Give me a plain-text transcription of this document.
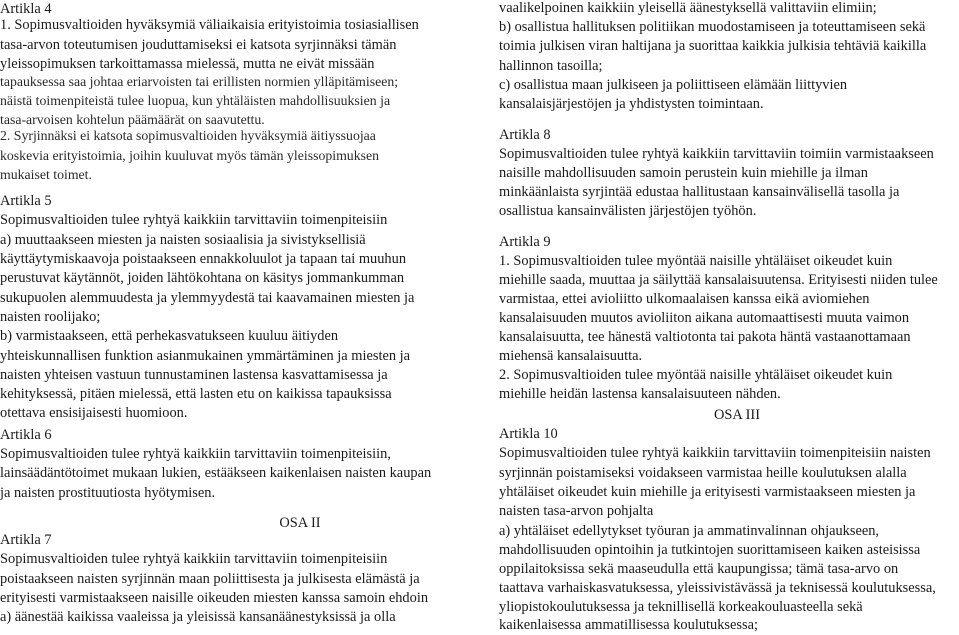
Artikla 4
1. Sopimusvaltioiden hyväksymiä väliaikaisia erityistoimia tosiasiallisen
tasa-arvon toteutumisen jouduttamiseksi ei katsota syrjinnäksi tämän
yleissopimuksen tarkoittamassa mielessä, mutta ne eivät missään
tapauksessa saa johtaa eriarvoisten tai erillisten normien ylläpitämiseen;
näistä toimenpiteistä tulee luopua, kun yhtäläisten mahdollisuuksien ja
tasa-arvoisen kohtelun päämäärät on saavutettu.
2. Syrjinnäksi ei katsota sopimusvaltioiden hyväksymiä äitiyssuojaa
koskevia erityistoimia, joihin kuuluvat myös tämän yleissopimuksen
mukaiset toimet.
Artikla 5
Sopimusvaltioiden tulee ryhtyä kaikkiin tarvittaviin toimenpiteisiin
a) muuttaakseen miesten ja naisten sosiaalisia ja sivistyksellisiä
käyttäytymiskaavoja poistaakseen ennakkoluulot ja tapaan tai muuhun
perustuvat käytännöt, joiden lähtökohtana on käsitys jommankumman
sukupuolen alemmuudesta ja ylemmyydestä tai kaavamainen miesten ja
naisten roolijako;
b) varmistaakseen, että perhekasvatukseen kuuluu äitiyden
yhteiskunnallisen funktion asianmukainen ymmärtäminen ja miesten ja
naisten yhteisen vastuun tunnustaminen lastensa kasvattamisessa ja
kehityksessä, pitäen mielessä, että lasten etu on kaikissa tapauksissa
otettava ensisijaisesti huomioon.
Artikla 6
Sopimusvaltioiden tulee ryhtyä kaikkiin tarvittaviin toimenpiteisiin,
lainsäädäntötoimet mukaan lukien, estääkseen kaikenlaisen naisten kaupan
ja naisten prostituutiosta hyötymisen.
OSA II
Artikla 7
Sopimusvaltioiden tulee ryhtyä kaikkiin tarvittaviin toimenpiteisiin
poistaakseen naisten syrjinnän maan poliittisesta ja julkisesta elämästä ja
erityisesti varmistaakseen naisille oikeuden miesten kanssa samoin ehdoin
a) äänestää kaikissa vaaleissa ja yleisissä kansanäänestyksissä ja olla
vaalikelpoinen kaikkiin yleisellä äänestyksellä valittaviin elimiin;
b) osallistua hallituksen politiikan muodostamiseen ja toteuttamiseen sekä
toimia julkisen viran haltijana ja suorittaa kaikkia julkisia tehtäviä kaikilla
hallinnon tasoilla;
c) osallistua maan julkiseen ja poliittiseen elämään liittyvien
kansalaisjärjestöjen ja yhdistysten toimintaan.
Artikla 8
Sopimusvaltioiden tulee ryhtyä kaikkiin tarvittaviin toimiin varmistaakseen
naisille mahdollisuuden samoin perustein kuin miehille ja ilman
minkäänlaista syrjintää edustaa hallitustaan kansainvälisellä tasolla ja
osallistua kansainvälisten järjestöjen työhön.
Artikla 9
1. Sopimusvaltioiden tulee myöntää naisille yhtäläiset oikeudet kuin
miehille saada, muuttaa ja säilyttää kansalaisuutensa. Erityisesti niiden tulee
varmistaa, ettei avioliitto ulkomaalaisen kanssa eikä aviomiehen
kansalaisuuden muutos avioliiton aikana automaattisesti muuta vaimon
kansalaisuutta, tee hänestä valtiotonta tai pakota häntä vastaanottamaan
miehensä kansalaisuutta.
2. Sopimusvaltioiden tulee myöntää naisille yhtäläiset oikeudet kuin
miehille heidän lastensa kansalaisuuteen nähden.
OSA III
Artikla 10
Sopimusvaltioiden tulee ryhtyä kaikkiin tarvittaviin toimenpiteisiin naisten
syrjinnän poistamiseksi voidakseen varmistaa heille koulutuksen alalla
yhtäläiset oikeudet kuin miehille ja erityisesti varmistaakseen miesten ja
naisten tasa-arvon pohjalta
a) yhtäläiset edellytykset työuran ja ammatinvalinnan ohjaukseen,
mahdollisuuden opintoihin ja tutkintojen suorittamiseen kaiken asteisissa
oppilaitoksissa sekä maaseudulla että kaupungissa; tämä tasa-arvo on
taattava varhaiskasvatuksessa, yleissivistävässä ja teknisessä koulutuksessa,
yliopistokoulutuksessa ja teknillisellä korkeakouluasteella sekä
kaikenlaisessa ammatillisessa koulutuksessa;
